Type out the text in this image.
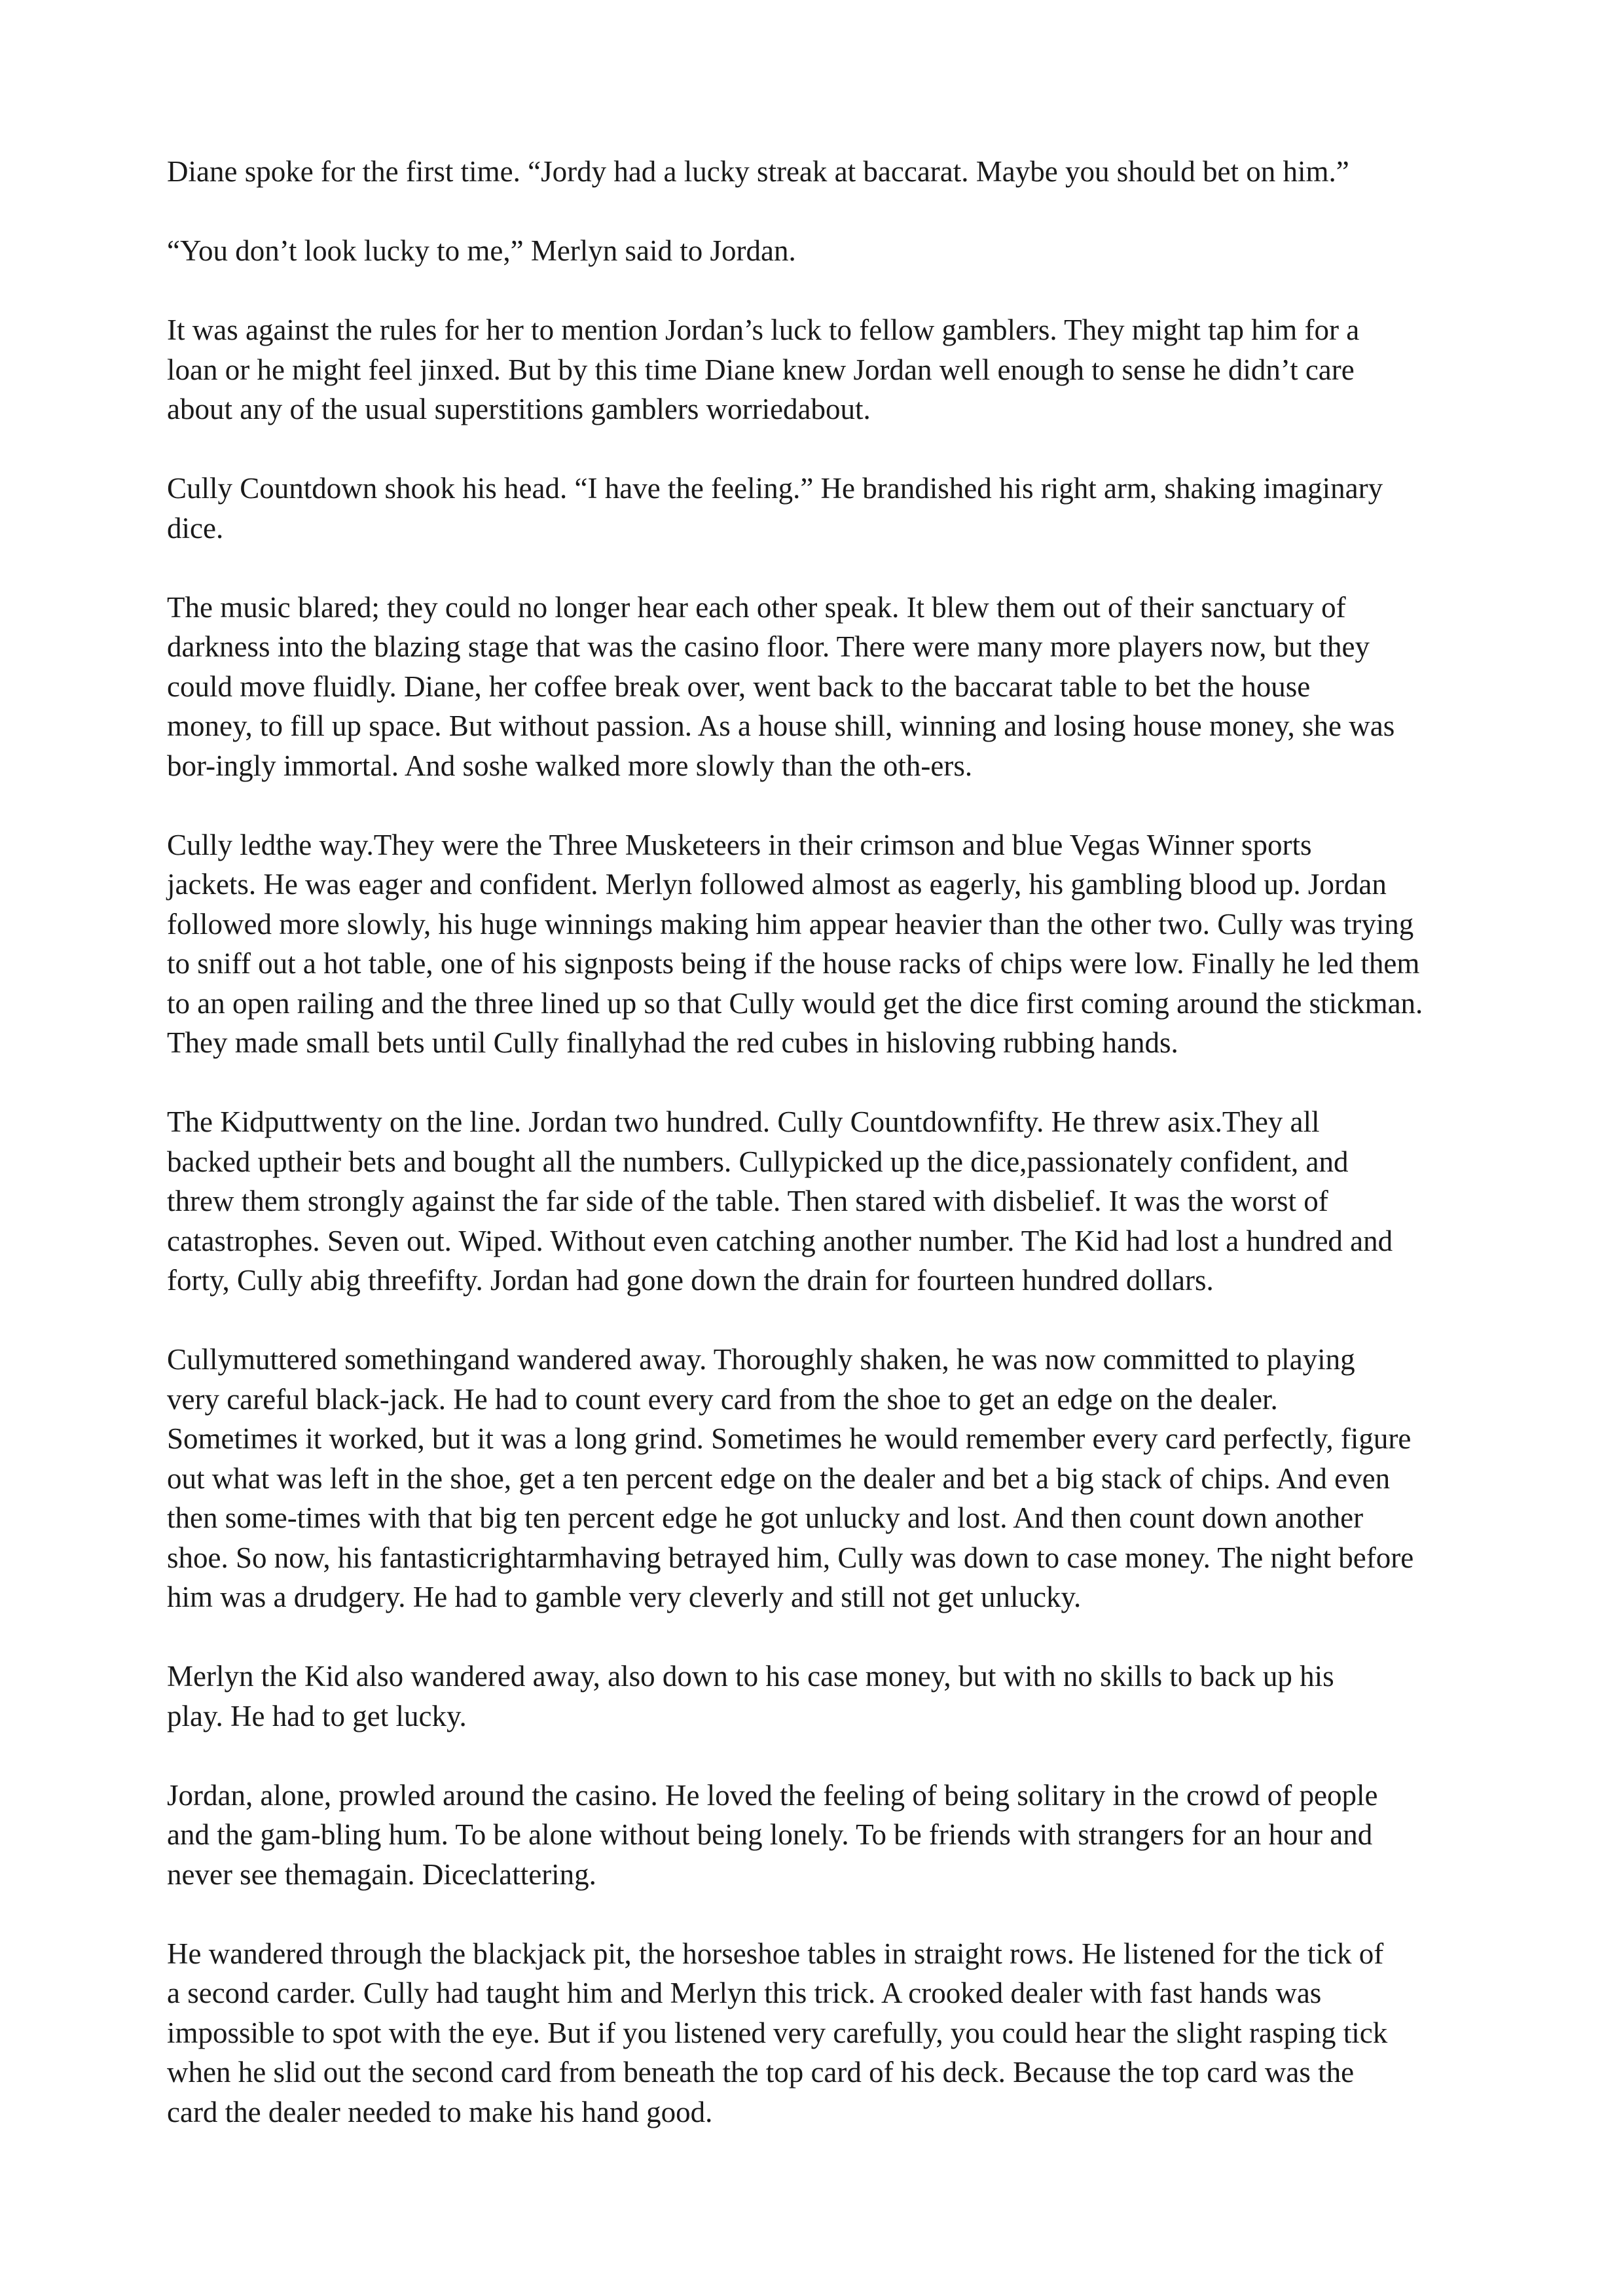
Diane spoke for the first time. “Jordy had a lucky streak at baccarat. Maybe you should bet on him.”

“You don’t look lucky to me,” Merlyn said to Jordan.

It was against the rules for her to mention Jordan’s luck to fellow gamblers. They might tap him for a
loan or he might feel jinxed. But by this time Diane knew Jordan well enough to sense he didn’t care
about any of the usual superstitions gamblers worriedabout.

Cully Countdown shook his head. “I have the feeling.” He brandished his right arm, shaking imaginary
dice.

The music blared; they could no longer hear each other speak. It blew them out of their sanctuary of
darkness into the blazing stage that was the casino floor. There were many more players now, but they
could move fluidly. Diane, her coffee break over, went back to the baccarat table to bet the house
money, to fill up space. But without passion. As a house shill, winning and losing house money, she was
bor-ingly immortal. And soshe walked more slowly than the oth-ers.

Cully ledthe way.They were the Three Musketeers in their crimson and blue Vegas Winner sports
jackets. He was eager and confident. Merlyn followed almost as eagerly, his gambling blood up. Jordan
followed more slowly, his huge winnings making him appear heavier than the other two. Cully was trying
to sniff out a hot table, one of his signposts being if the house racks of chips were low. Finally he led them
to an open railing and the three lined up so that Cully would get the dice first coming around the stickman.
They made small bets until Cully finallyhad the red cubes in hisloving rubbing hands.

The Kidputtwenty on the line. Jordan two hundred. Cully Countdownfifty. He threw asix.They all
backed uptheir bets and bought all the numbers. Cullypicked up the dice,passionately confident, and
threw them strongly against the far side of the table. Then stared with disbelief. It was the worst of
catastrophes. Seven out. Wiped. Without even catching another number. The Kid had lost a hundred and
forty, Cully abig threefifty. Jordan had gone down the drain for fourteen hundred dollars.

Cullymuttered somethingand wandered away. Thoroughly shaken, he was now committed to playing
very careful black-jack. He had to count every card from the shoe to get an edge on the dealer.
Sometimes it worked, but it was a long grind. Sometimes he would remember every card perfectly, figure
out what was left in the shoe, get a ten percent edge on the dealer and bet a big stack of chips. And even
then some-times with that big ten percent edge he got unlucky and lost. And then count down another
shoe. So now, his fantasticrightarmhaving betrayed him, Cully was down to case money. The night before
him was a drudgery. He had to gamble very cleverly and still not get unlucky.

Merlyn the Kid also wandered away, also down to his case money, but with no skills to back up his
play. He had to get lucky.

Jordan, alone, prowled around the casino. He loved the feeling of being solitary in the crowd of people
and the gam-bling hum. To be alone without being lonely. To be friends with strangers for an hour and
never see themagain. Diceclattering.

He wandered through the blackjack pit, the horseshoe tables in straight rows. He listened for the tick of
a second carder. Cully had taught him and Merlyn this trick. A crooked dealer with fast hands was
impossible to spot with the eye. But if you listened very carefully, you could hear the slight rasping tick
when he slid out the second card from beneath the top card of his deck. Because the top card was the
card the dealer needed to make his hand good.
